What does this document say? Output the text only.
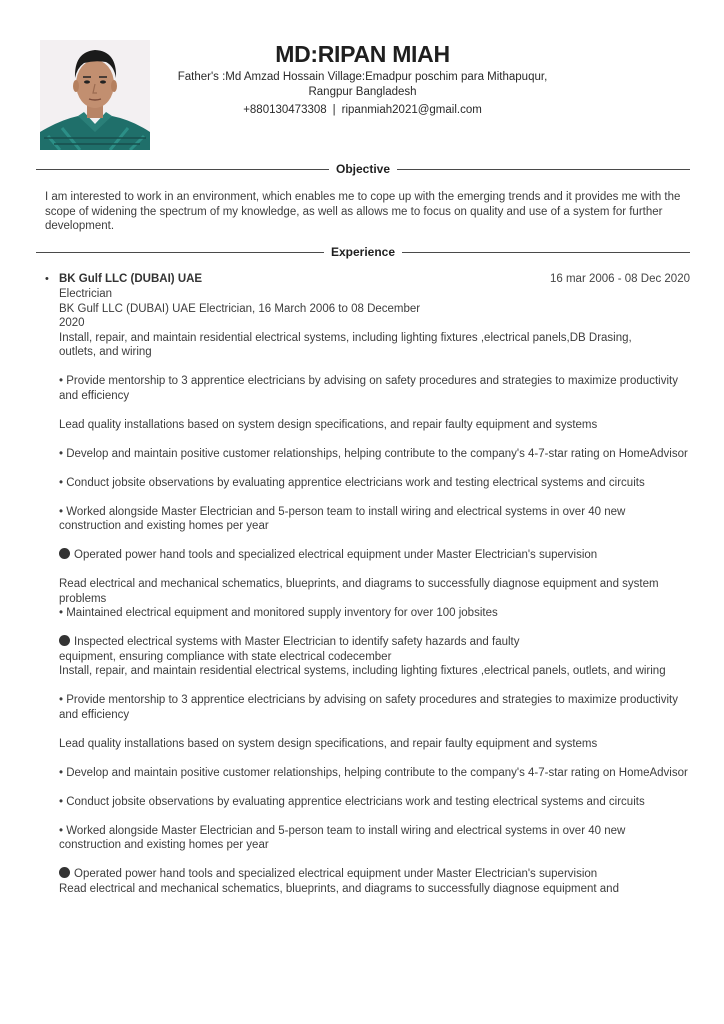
MD:RIPAN MIAH
Father's :Md Amzad Hossain Village:Emadpur poschim para Mithapuqur, Rangpur Bangladesh
+880130473308 | ripanmiah2021@gmail.com
Objective
I am interested to work in an environment, which enables me to cope up with the emerging trends and it provides me with the scope of widening the spectrum of my knowledge, as well as allows me to focus on quality and use of a system for further development.
Experience
• BK Gulf LLC (DUBAI) UAE	16 mar 2006 - 08 Dec 2020

Electrician

BK Gulf LLC (DUBAI) UAE Electrician, 16 March 2006 to 08 December

2020

Install, repair, and maintain residential electrical systems, including lighting fixtures ,electrical panels,DB Drasing,

outlets, and wiring

• Provide mentorship to 3 apprentice electricians by advising on safety procedures and strategies to maximize productivity and efficiency

Lead quality installations based on system design specifications, and repair faulty equipment and systems

• Develop and maintain positive customer relationships, helping contribute to the company's 4-7-star rating on HomeAdvisor

• Conduct jobsite observations by evaluating apprentice electricians work and testing electrical systems and circuits

• Worked alongside Master Electrician and 5-person team to install wiring and electrical systems in over 40 new construction and existing homes per year

Operated power hand tools and specialized electrical equipment under Master Electrician's supervision

Read electrical and mechanical schematics, blueprints, and diagrams to successfully diagnose equipment and system problems

• Maintained electrical equipment and monitored supply inventory for over 100 jobsites

Inspected electrical systems with Master Electrician to identify safety hazards and faulty

equipment, ensuring compliance with state electrical codecember

Install, repair, and maintain residential electrical systems, including lighting fixtures ,electrical panels, outlets, and wiring

• Provide mentorship to 3 apprentice electricians by advising on safety procedures and strategies to maximize productivity and efficiency

Lead quality installations based on system design specifications, and repair faulty equipment and systems

• Develop and maintain positive customer relationships, helping contribute to the company's 4-7-star rating on HomeAdvisor

• Conduct jobsite observations by evaluating apprentice electricians work and testing electrical systems and circuits

• Worked alongside Master Electrician and 5-person team to install wiring and electrical systems in over 40 new construction and existing homes per year

Operated power hand tools and specialized electrical equipment under Master Electrician's supervision

Read electrical and mechanical schematics, blueprints, and diagrams to successfully diagnose equipment and
